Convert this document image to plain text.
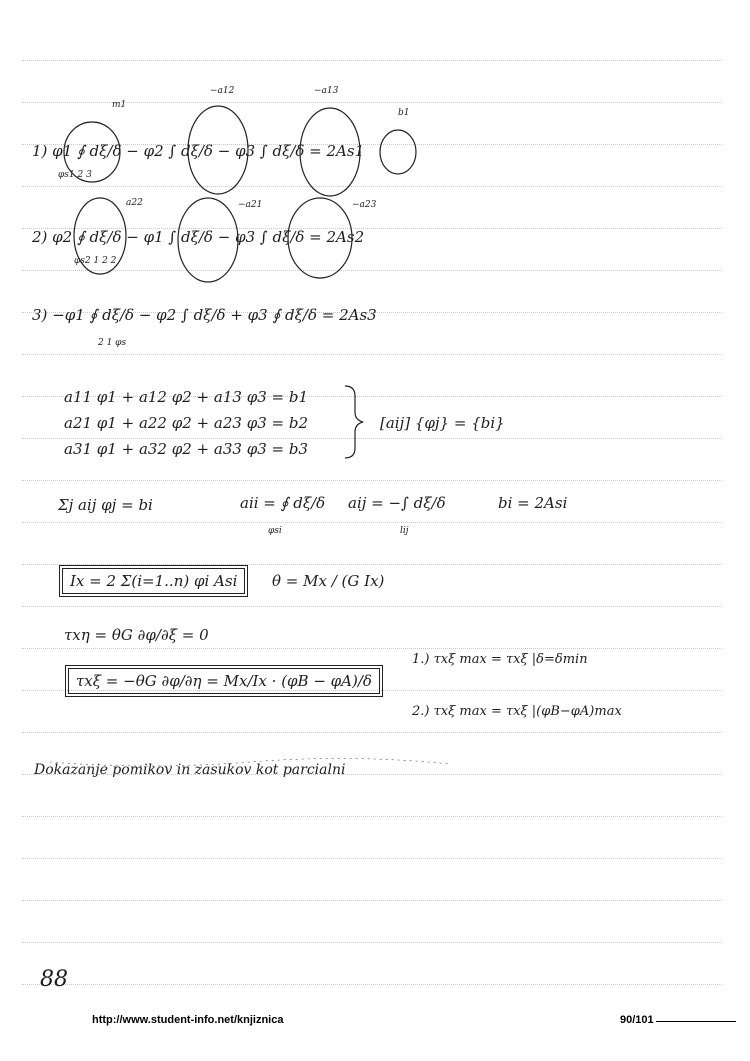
m1
−a12	−a13
b1
1) φ1 ∮ dξ/δ − φ2 ∫ dξ/δ − φ3 ∫ dξ/δ = 2As1
φs1 2 3
a22	−a21	−a23
2) φ2 ∮ dξ/δ − φ1 ∫ dξ/δ − φ3 ∫ dξ/δ = 2As2
φs2 1 2 2
3) −φ1 ∮ dξ/δ − φ2 ∫ dξ/δ + φ3 ∮ dξ/δ = 2As3
2 1 φs
a11 φ1 + a12 φ2 + a13 φ3 = b1
a21 φ1 + a22 φ2 + a23 φ3 = b2
a31 φ1 + a32 φ2 + a33 φ3 = b3
[aij] {φj} = {bi}
Σj aij φj = bi	aii = ∮ dξ/δ
φsi
aij = −∫ dξ/δ
lij
bi = 2Asi
Ix = 2 Σ(i=1..n) φi Asi	θ = Mx / (G Ix)
τxη = θG ∂φ/∂ξ = 0
τxξ = −θG ∂φ/∂η = Mx/Ix · (φB − φA)/δ
1.) τxξ max = τxξ |δ=δmin
2.) τxξ max = τxξ |(φB−φA)max
Dokazanje pomikov in zasukov kot parcialni
88
http://www.student-info.net/knjiznica	90/101
